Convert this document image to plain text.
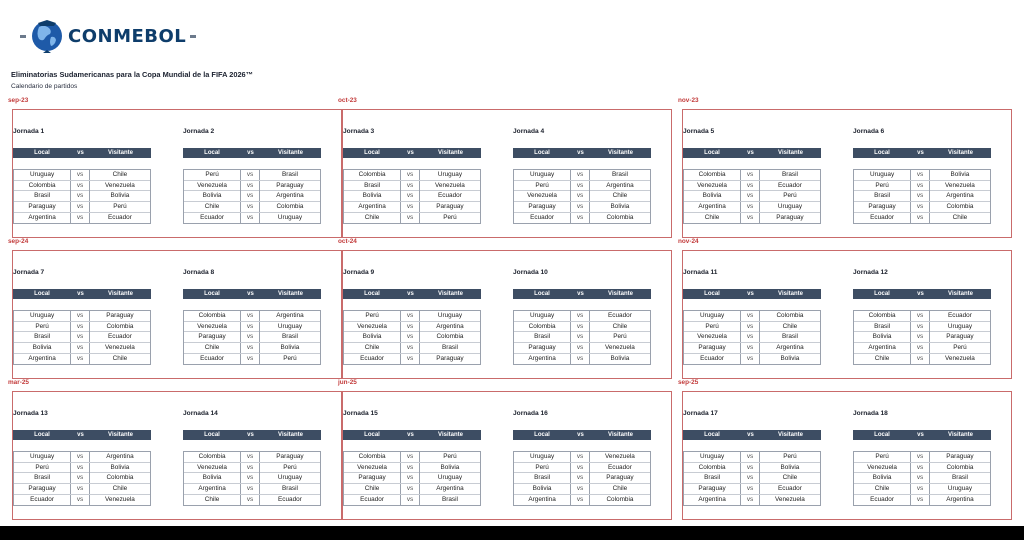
CONMEBOL
Eliminatorias Sudamericanas para la Copa Mundial de la FIFA 2026™
Calendario de partidos
sep-23
Jornada 1
Local	vs	Visitante
Uruguay	vs	Chile
Colombia	vs	Venezuela
Brasil	vs	Bolivia
Paraguay	vs	Perú
Argentina	vs	Ecuador
Jornada 2
Local	vs	Visitante
Perú	vs	Brasil
Venezuela	vs	Paraguay
Bolivia	vs	Argentina
Chile	vs	Colombia
Ecuador	vs	Uruguay
oct-23
Jornada 3
Local	vs	Visitante
Colombia	vs	Uruguay
Brasil	vs	Venezuela
Bolivia	vs	Ecuador
Argentina	vs	Paraguay
Chile	vs	Perú
Jornada 4
Local	vs	Visitante
Uruguay	vs	Brasil
Perú	vs	Argentina
Venezuela	vs	Chile
Paraguay	vs	Bolivia
Ecuador	vs	Colombia
nov-23
Jornada 5
Local	vs	Visitante
Colombia	vs	Brasil
Venezuela	vs	Ecuador
Bolivia	vs	Perú
Argentina	vs	Uruguay
Chile	vs	Paraguay
Jornada 6
Local	vs	Visitante
Uruguay	vs	Bolivia
Perú	vs	Venezuela
Brasil	vs	Argentina
Paraguay	vs	Colombia
Ecuador	vs	Chile
sep-24
Jornada 7
Local	vs	Visitante
Uruguay	vs	Paraguay
Perú	vs	Colombia
Brasil	vs	Ecuador
Bolivia	vs	Venezuela
Argentina	vs	Chile
Jornada 8
Local	vs	Visitante
Colombia	vs	Argentina
Venezuela	vs	Uruguay
Paraguay	vs	Brasil
Chile	vs	Bolivia
Ecuador	vs	Perú
oct-24
Jornada 9
Local	vs	Visitante
Perú	vs	Uruguay
Venezuela	vs	Argentina
Bolivia	vs	Colombia
Chile	vs	Brasil
Ecuador	vs	Paraguay
Jornada 10
Local	vs	Visitante
Uruguay	vs	Ecuador
Colombia	vs	Chile
Brasil	vs	Perú
Paraguay	vs	Venezuela
Argentina	vs	Bolivia
nov-24
Jornada 11
Local	vs	Visitante
Uruguay	vs	Colombia
Perú	vs	Chile
Venezuela	vs	Brasil
Paraguay	vs	Argentina
Ecuador	vs	Bolivia
Jornada 12
Local	vs	Visitante
Colombia	vs	Ecuador
Brasil	vs	Uruguay
Bolivia	vs	Paraguay
Argentina	vs	Perú
Chile	vs	Venezuela
mar-25
Jornada 13
Local	vs	Visitante
Uruguay	vs	Argentina
Perú	vs	Bolivia
Brasil	vs	Colombia
Paraguay	vs	Chile
Ecuador	vs	Venezuela
Jornada 14
Local	vs	Visitante
Colombia	vs	Paraguay
Venezuela	vs	Perú
Bolivia	vs	Uruguay
Argentina	vs	Brasil
Chile	vs	Ecuador
jun-25
Jornada 15
Local	vs	Visitante
Colombia	vs	Perú
Venezuela	vs	Bolivia
Paraguay	vs	Uruguay
Chile	vs	Argentina
Ecuador	vs	Brasil
Jornada 16
Local	vs	Visitante
Uruguay	vs	Venezuela
Perú	vs	Ecuador
Brasil	vs	Paraguay
Bolivia	vs	Chile
Argentina	vs	Colombia
sep-25
Jornada 17
Local	vs	Visitante
Uruguay	vs	Perú
Colombia	vs	Bolivia
Brasil	vs	Chile
Paraguay	vs	Ecuador
Argentina	vs	Venezuela
Jornada 18
Local	vs	Visitante
Perú	vs	Paraguay
Venezuela	vs	Colombia
Bolivia	vs	Brasil
Chile	vs	Uruguay
Ecuador	vs	Argentina
